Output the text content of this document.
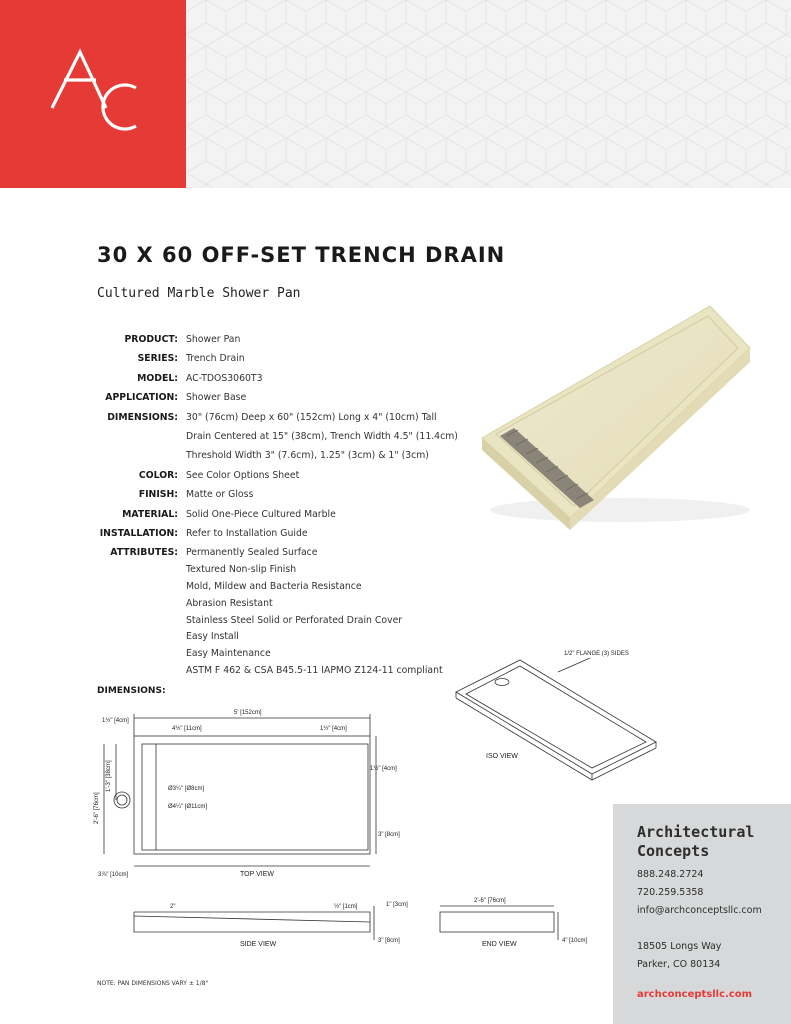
30 X 60 OFF-SET TRENCH DRAIN
Cultured Marble Shower Pan
PRODUCT: Shower Pan
SERIES: Trench Drain
MODEL: AC-TDOS3060T3
APPLICATION: Shower Base
DIMENSIONS: 30" (76cm) Deep x 60" (152cm) Long x 4" (10cm) Tall
Drain Centered at 15" (38cm), Trench Width 4.5" (11.4cm)
Threshold Width 3" (7.6cm), 1.25" (3cm) & 1" (3cm)
COLOR: See Color Options Sheet
FINISH: Matte or Gloss
MATERIAL: Solid One-Piece Cultured Marble
INSTALLATION: Refer to Installation Guide
ATTRIBUTES: Permanently Sealed Surface
Textured Non-slip Finish
Mold, Mildew and Bacteria Resistance
Abrasion Resistant
Stainless Steel Solid or Perforated Drain Cover
Easy Install
Easy Maintenance
ASTM F 462 & CSA B45.5-11 IAPMO Z124-11 compliant
DIMENSIONS:
1/2" FLANGE (3) SIDES
ISO VIEW
5' [152cm]
1½" [4cm]
4½" [11cm]	1½" [4cm]
1½" [4cm]
2'-6" [76cm]
1'-3" [38cm]	Ø3¼" [Ø8cm]
Ø4¼" [Ø11cm]
3" [8cm]
3⅞" [10cm]	TOP VIEW
2"	½" [1cm]	1" [3cm]
3" [8cm]
SIDE VIEW
2'-6" [76cm]
4" [10cm]
END VIEW
NOTE: PAN DIMENSIONS VARY ± 1/8"
Architectural
Concepts
888.248.2724
720.259.5358
info@archconceptsllc.com
18505 Longs Way
Parker, CO 80134
archconceptsllc.com
